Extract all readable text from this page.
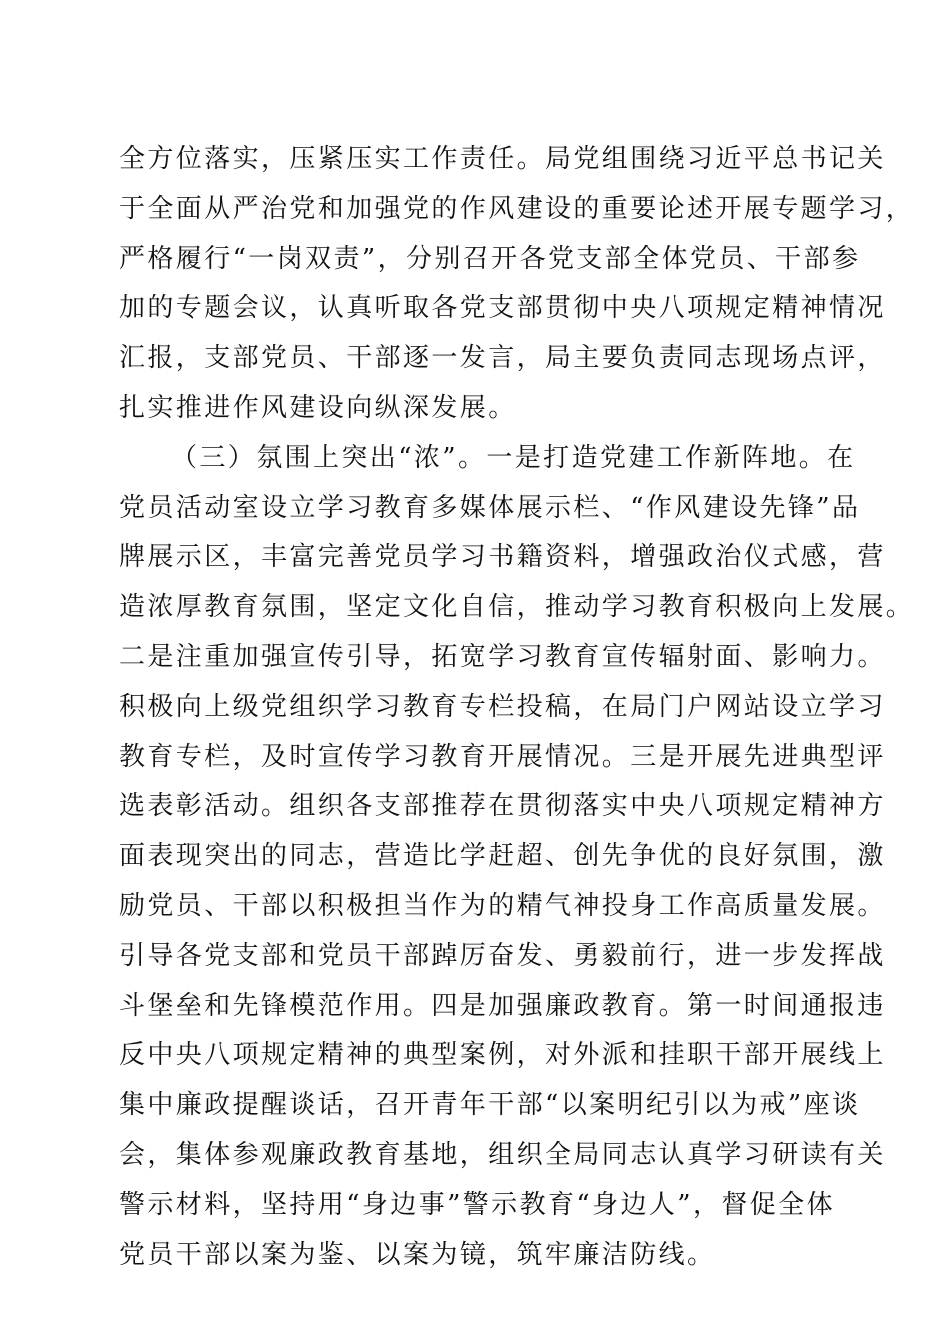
全方位落实，压紧压实工作责任。局党组围绕习近平总书记关
于全面从严治党和加强党的作风建设的重要论述开展专题学习，
严格履行“一岗双责”，分别召开各党支部全体党员、干部参
加的专题会议，认真听取各党支部贯彻中央八项规定精神情况
汇报，支部党员、干部逐一发言，局主要负责同志现场点评，
扎实推进作风建设向纵深发展。

（三）氛围上突出“浓”。一是打造党建工作新阵地。在
党员活动室设立学习教育多媒体展示栏、“作风建设先锋”品
牌展示区，丰富完善党员学习书籍资料，增强政治仪式感，营
造浓厚教育氛围，坚定文化自信，推动学习教育积极向上发展。
二是注重加强宣传引导，拓宽学习教育宣传辐射面、影响力。
积极向上级党组织学习教育专栏投稿，在局门户网站设立学习
教育专栏，及时宣传学习教育开展情况。三是开展先进典型评
选表彰活动。组织各支部推荐在贯彻落实中央八项规定精神方
面表现突出的同志，营造比学赶超、创先争优的良好氛围，激
励党员、干部以积极担当作为的精气神投身工作高质量发展。
引导各党支部和党员干部踔厉奋发、勇毅前行，进一步发挥战
斗堡垒和先锋模范作用。四是加强廉政教育。第一时间通报违
反中央八项规定精神的典型案例，对外派和挂职干部开展线上
集中廉政提醒谈话，召开青年干部“以案明纪引以为戒”座谈
会，集体参观廉政教育基地，组织全局同志认真学习研读有关
警示材料，坚持用“身边事”警示教育“身边人”，督促全体
党员干部以案为鉴、以案为镜，筑牢廉洁防线。
